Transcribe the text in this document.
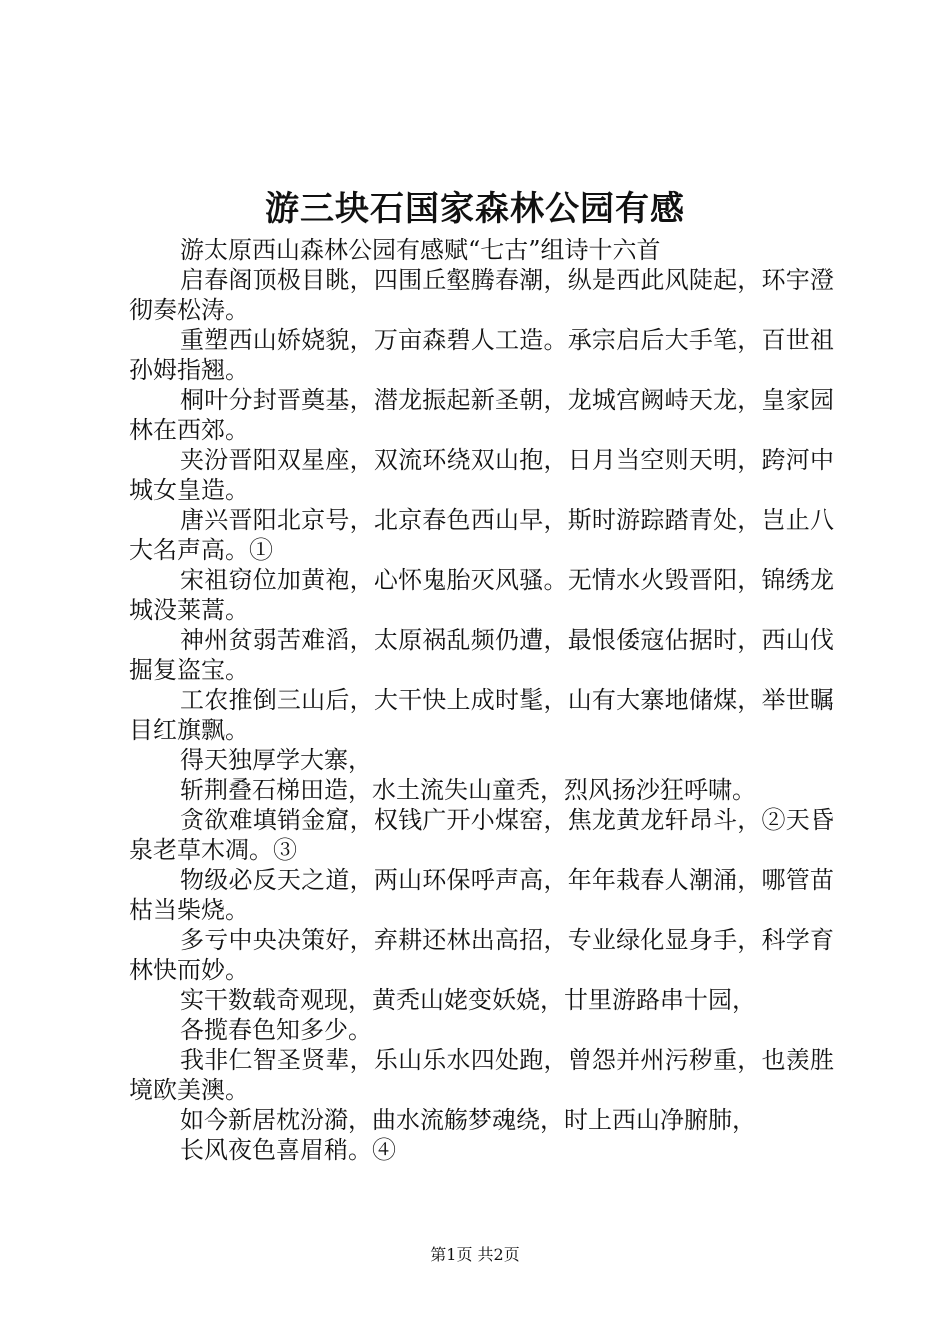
游三块石国家森林公园有感

游太原西山森林公园有感赋“七古”组诗十六首

启春阁顶极目眺，四围丘壑腾春潮，纵是西此风陡起，环宇澄彻奏松涛。

重塑西山娇娆貌，万亩森碧人工造。承宗启后大手笔，百世祖孙姆指翘。

桐叶分封晋奠基，潜龙振起新圣朝，龙城宫阙峙天龙，皇家园林在西郊。

夹汾晋阳双星座，双流环绕双山抱，日月当空则天明，跨河中城女皇造。

唐兴晋阳北京号，北京春色西山早，斯时游踪踏青处，岂止八大名声高。①

宋祖窃位加黄袍，心怀鬼胎灭风骚。无情水火毁晋阳，锦绣龙城没莱蒿。

神州贫弱苦难滔，太原祸乱频仍遭，最恨倭寇佔据时，西山伐掘复盗宝。

工农推倒三山后，大干快上成时髦，山有大寨地储煤，举世瞩目红旗飘。

得天独厚学大寨，

斩荆叠石梯田造，水土流失山童秃，烈风扬沙狂呼啸。

贪欲难填销金窟，权钱广开小煤窑，焦龙黄龙轩昂斗，②天昏泉老草木凋。③

物级必反天之道，两山环保呼声高，年年栽春人潮涌，哪管苗枯当柴烧。

多亏中央决策好，弃耕还林出高招，专业绿化显身手，科学育林快而妙。

实干数载奇观现，黄秃山姥变妖娆，廿里游路串十园，

各揽春色知多少。

我非仁智圣贤辈，乐山乐水四处跑，曾怨并州污秽重，也羡胜境欧美澳。

如今新居枕汾漪，曲水流觞梦魂绕，时上西山净腑肺，

长风夜色喜眉稍。④

第1页 共2页
